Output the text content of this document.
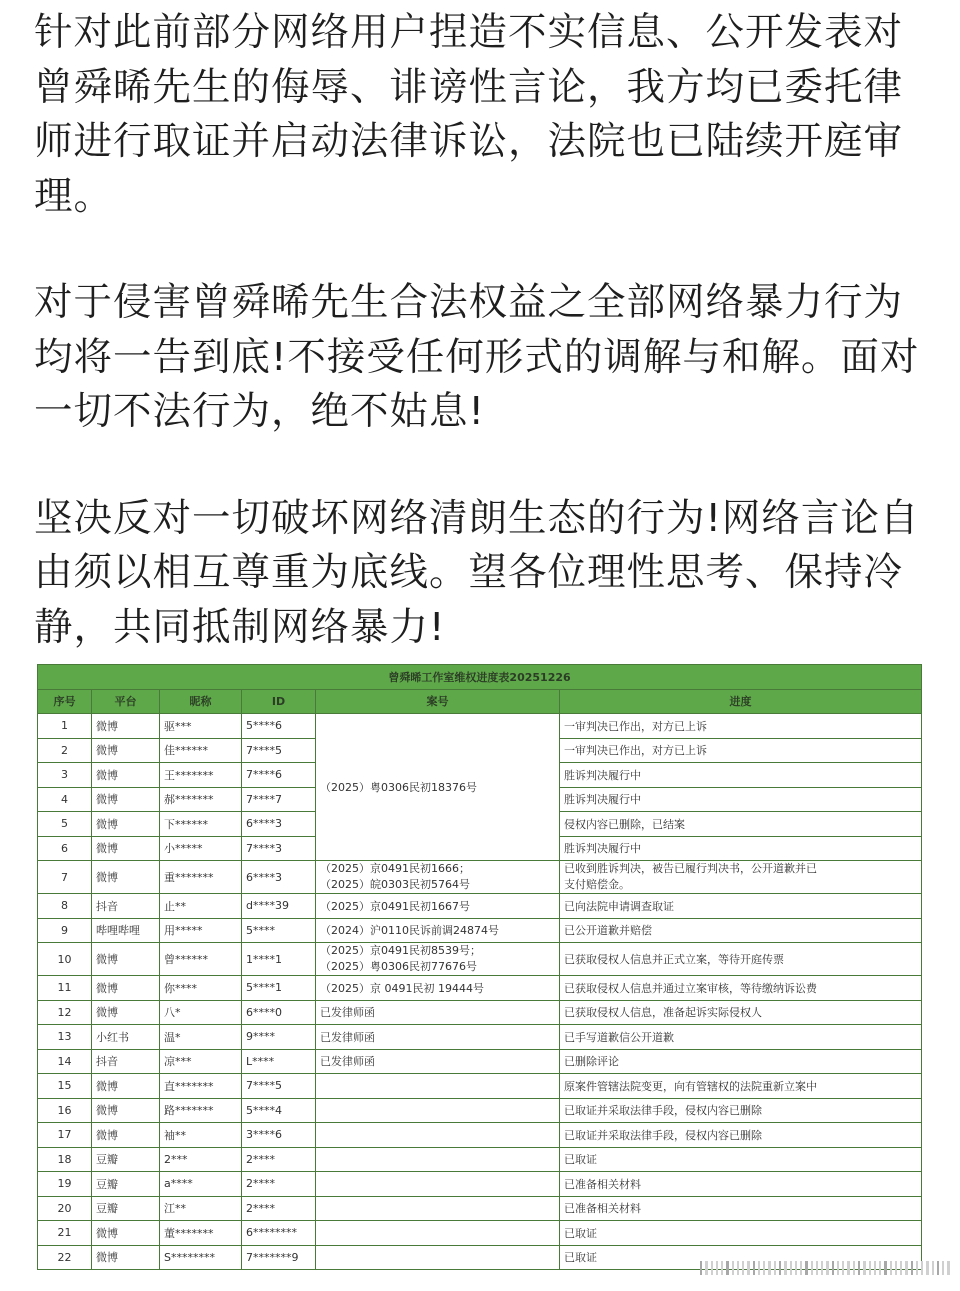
针对此前部分网络用户捏造不实信息、公开发表对曾舜晞先生的侮辱、诽谤性言论，我方均已委托律师进行取证并启动法律诉讼，法院也已陆续开庭审理。

对于侵害曾舜晞先生合法权益之全部网络暴力行为均将一告到底!不接受任何形式的调解与和解。面对一切不法行为，绝不姑息!

坚决反对一切破坏网络清朗生态的行为!网络言论自由须以相互尊重为底线。望各位理性思考、保持冷静，共同抵制网络暴力!

曾舜晞工作室维权进度表20251226					
序号	平台	昵称	ID	案号	进度
1	微博	驱***	5****6	（2025）粤0306民初18376号	一审判决已作出，对方已上诉
2	微博	佳******	7****5		一审判决已作出，对方已上诉
3	微博	王*******	7****6		胜诉判决履行中
4	微博	郝*******	7****7		胜诉判决履行中
5	微博	下******	6****3		侵权内容已删除，已结案
6	微博	小*****	7****3		胜诉判决履行中
7	微博	重*******	6****3	（2025）京0491民初1666；
（2025）皖0303民初5764号	已收到胜诉判决，被告已履行判决书，公开道歉并已
支付赔偿金。
8	抖音	止**	d****39	（2025）京0491民初1667号	已向法院申请调查取证
9	哔哩哔哩	用*****	5****	（2024）沪0110民诉前调24874号	已公开道歉并赔偿
10	微博	曾******	1****1	（2025）京0491民初8539号；
（2025）粤0306民初77676号	已获取侵权人信息并正式立案，等待开庭传票
11	微博	你****	5****1	（2025）京 0491民初 19444号	已获取侵权人信息并通过立案审核，等待缴纳诉讼费
12	微博	八*	6****0	已发律师函	已获取侵权人信息，准备起诉实际侵权人
13	小红书	温*	9****	已发律师函	已手写道歉信公开道歉
14	抖音	凉***	L****	已发律师函	已删除评论
15	微博	直*******	7****5		原案件管辖法院变更，向有管辖权的法院重新立案中
16	微博	路*******	5****4		已取证并采取法律手段，侵权内容已删除
17	微博	袖**	3****6		已取证并采取法律手段，侵权内容已删除
18	豆瓣	2***	2****		已取证
19	豆瓣	a****	2****		已准备相关材料
20	豆瓣	江**	2****		已准备相关材料
21	微博	董*******	6********		已取证
22	微博	S********	7*******9		已取证
